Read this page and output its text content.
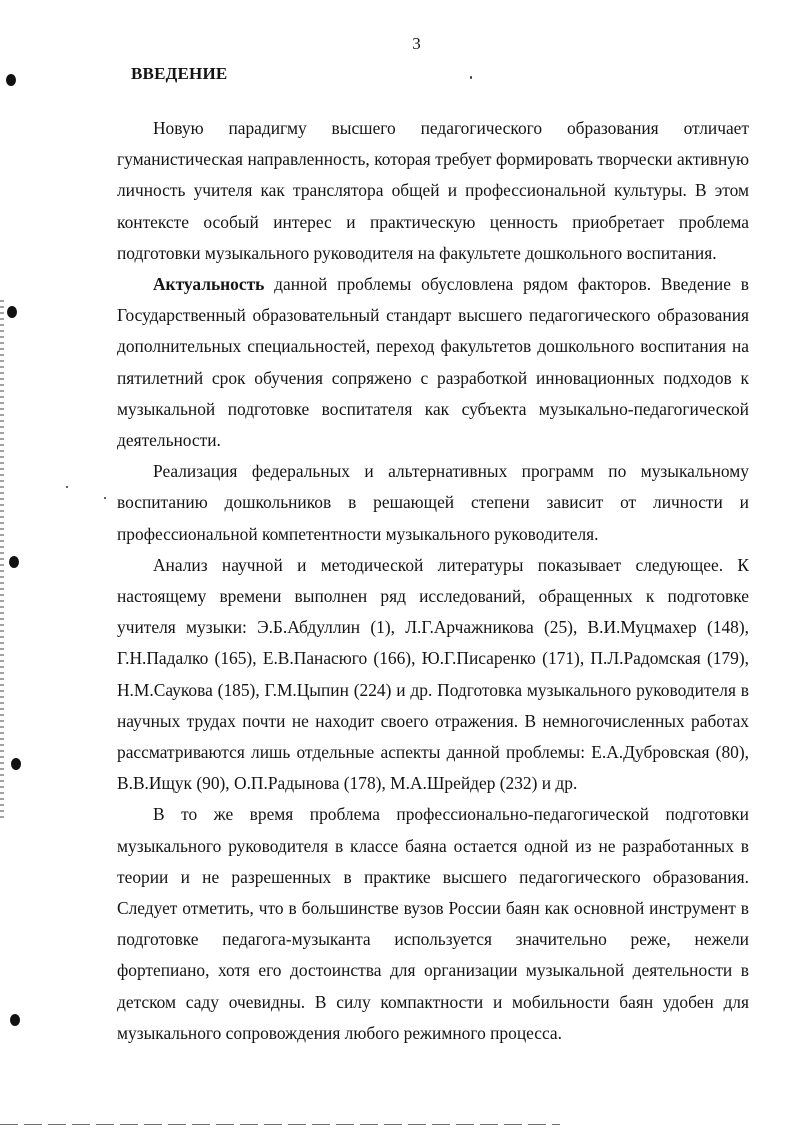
3
ВВЕДЕНИЕ

Новую парадигму высшего педагогического образования отличает гуманистическая направленность, которая требует формировать творчески активную личность учителя как транслятора общей и профессиональной культуры. В этом контексте особый интерес и практическую ценность приобретает проблема подготовки музыкального руководителя на факультете дошкольного воспитания.

Актуальность данной проблемы обусловлена рядом факторов. Введение в Государственный образовательный стандарт высшего педагогического образования дополнительных специальностей, переход факультетов дошкольного воспитания на пятилетний срок обучения сопряжено с разработкой инновационных подходов к музыкальной подготовке воспитателя как субъекта музыкально-педагогической деятельности.

Реализация федеральных и альтернативных программ по музыкальному воспитанию дошкольников в решающей степени зависит от личности и профессиональной компетентности музыкального руководителя.

Анализ научной и методической литературы показывает следующее. К настоящему времени выполнен ряд исследований, обращенных к подготовке учителя музыки: Э.Б.Абдуллин (1), Л.Г.Арчажникова (25), В.И.Муцмахер (148), Г.Н.Падалко (165), Е.В.Панасюго (166), Ю.Г.Писаренко (171), П.Л.Радомская (179), Н.М.Саукова (185), Г.М.Цыпин (224) и др. Подготовка музыкального руководителя в научных трудах почти не находит своего отражения. В немногочисленных работах рассматриваются лишь отдельные аспекты данной проблемы: Е.А.Дубровская (80), В.В.Ищук (90), О.П.Радынова (178), М.А.Шрейдер (232) и др.

В то же время проблема профессионально-педагогической подготовки музыкального руководителя в классе баяна остается одной из не разработанных в теории и не разрешенных в практике высшего педагогического образования. Следует отметить, что в большинстве вузов России баян как основной инструмент в подготовке педагога-музыканта используется значительно реже, нежели фортепиано, хотя его достоинства для организации музыкальной деятельности в детском саду очевидны. В силу компактности и мобильности баян удобен для музыкального сопровождения любого режимного процесса.
